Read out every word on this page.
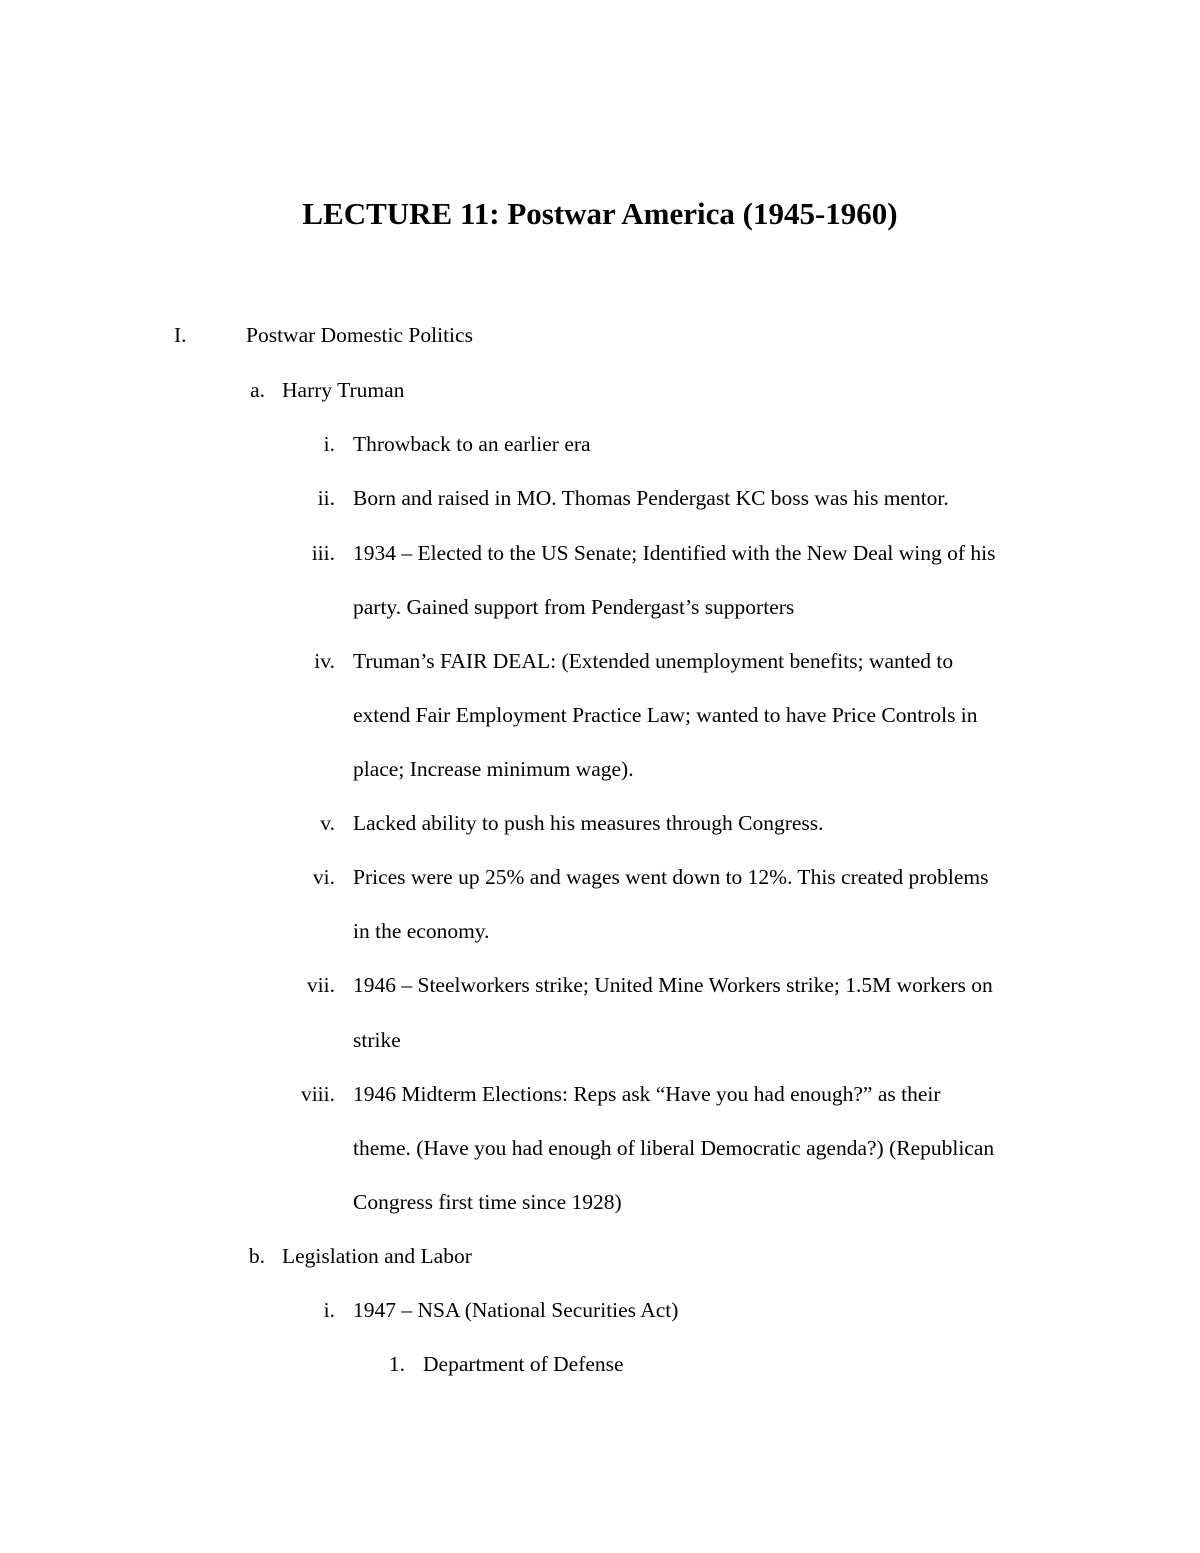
LECTURE 11: Postwar America (1945-1960)
I.	Postwar Domestic Politics
a. Harry Truman
i. Throwback to an earlier era
ii. Born and raised in MO. Thomas Pendergast KC boss was his mentor.
iii. 1934 – Elected to the US Senate; Identified with the New Deal wing of his
party. Gained support from Pendergast’s supporters
iv. Truman’s FAIR DEAL: (Extended unemployment benefits; wanted to
extend Fair Employment Practice Law; wanted to have Price Controls in
place; Increase minimum wage).
v. Lacked ability to push his measures through Congress.
vi. Prices were up 25% and wages went down to 12%. This created problems
in the economy.
vii. 1946 – Steelworkers strike; United Mine Workers strike; 1.5M workers on
strike
viii. 1946 Midterm Elections: Reps ask “Have you had enough?” as their
theme. (Have you had enough of liberal Democratic agenda?) (Republican
Congress first time since 1928)
b. Legislation and Labor
i. 1947 – NSA (National Securities Act)
1. Department of Defense
